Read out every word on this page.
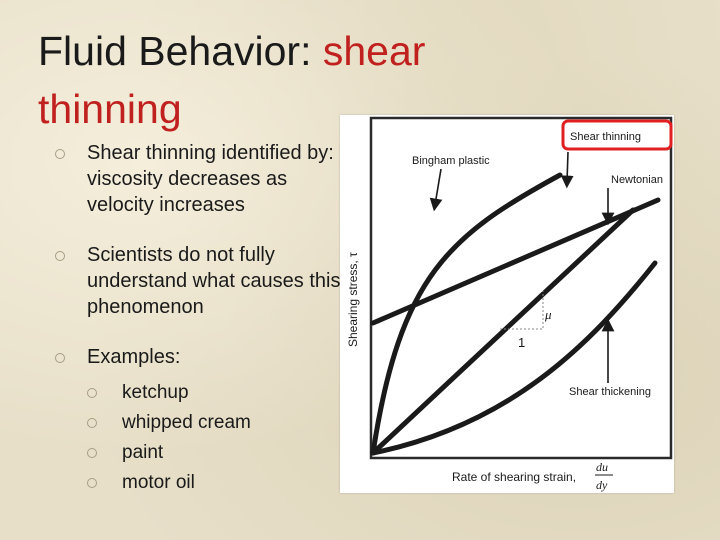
Fluid Behavior: shear
thinning
Shear thinning identified by: viscosity decreases as velocity increases
Scientists do not fully understand what causes this phenomenon
Examples:
ketchup
whipped cream
paint
motor oil
μ
1
Shear thinning
Bingham plastic
Newtonian
Shear thickening
Shearing stress, τ
Rate of shearing strain,
du
dy
